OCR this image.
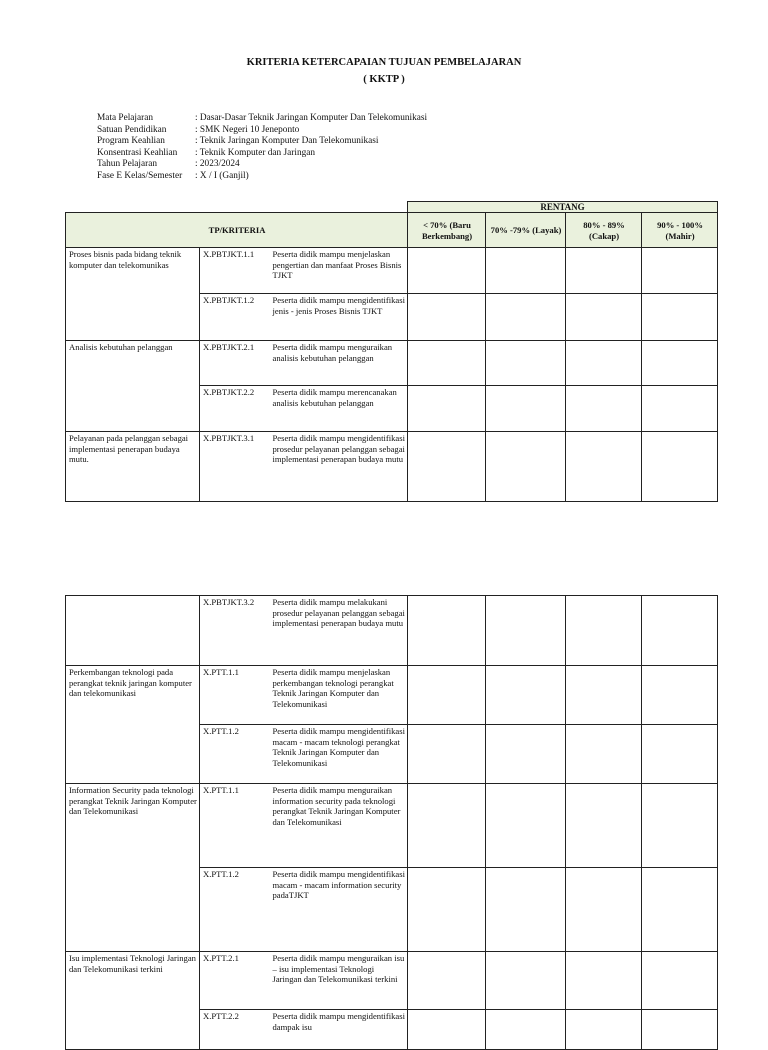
KRITERIA KETERCAPAIAN TUJUAN PEMBELAJARAN
( KKTP )
Mata Pelajaran	: Dasar-Dasar Teknik Jaringan Komputer Dan Telekomunikasi
Satuan Pendidikan	: SMK Negeri 10 Jeneponto
Program Keahlian	: Teknik Jaringan Komputer Dan Telekomunikasi
Konsentrasi Keahlian	: Teknik Komputer dan Jaringan
Tahun Pelajaran	: 2023/2024
Fase E Kelas/Semester	: X / I (Ganjil)
RENTANG
TP/KRITERIA			< 70% (Baru Berkembang)	70% -79% (Layak)	80% - 89% (Cakap)	90% - 100% (Mahir)
Proses bisnis pada bidang teknik komputer dan telekomunikas	X.PBTJKT.1.1	Peserta didik mampu menjelaskan pengertian dan manfaat Proses Bisnis TJKT				
	X.PBTJKT.1.2	Peserta didik mampu mengidentifikasi jenis - jenis Proses Bisnis TJKT				
Analisis kebutuhan pelanggan	X.PBTJKT.2.1	Peserta didik mampu menguraikan analisis kebutuhan pelanggan				
	X.PBTJKT.2.2	Peserta didik mampu merencanakan analisis kebutuhan pelanggan				
Pelayanan pada pelanggan sebagai implementasi penerapan budaya mutu.	X.PBTJKT.3.1	Peserta didik mampu mengidentifikasi prosedur pelayanan pelanggan sebagai implementasi penerapan budaya mutu				
	X.PBTJKT.3.2	Peserta didik mampu melakukani prosedur pelayanan pelanggan sebagai implementasi penerapan budaya mutu				
Perkembangan teknologi pada perangkat teknik jaringan komputer dan telekomunikasi	X.PTT.1.1	Peserta didik mampu menjelaskan perkembangan teknologi perangkat Teknik Jaringan Komputer dan Telekomunikasi				
	X.PTT.1.2	Peserta didik mampu mengidentifikasi macam - macam teknologi perangkat Teknik Jaringan Komputer dan Telekomunikasi				
Information Security pada teknologi perangkat Teknik Jaringan Komputer dan Telekomunikasi	X.PTT.1.1	Peserta didik mampu menguraikan information security pada teknologi perangkat Teknik Jaringan Komputer dan Telekomunikasi				
	X.PTT.1.2	Peserta didik mampu mengidentifikasi macam - macam information security padaTJKT				
Isu implementasi Teknologi Jaringan dan Telekomunikasi terkini	X.PTT.2.1	Peserta didik mampu menguraikan isu – isu implementasi Teknologi Jaringan dan Telekomunikasi terkini				
	X.PTT.2.2	Peserta didik mampu mengidentifikasi dampak isu				
